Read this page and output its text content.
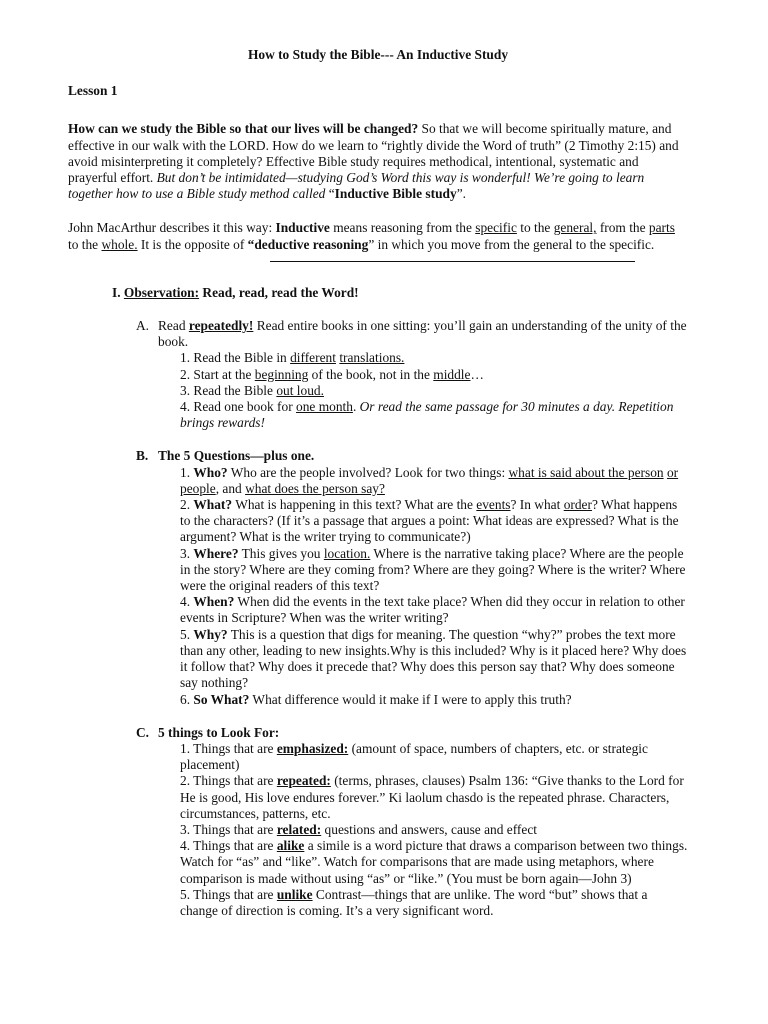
How to Study the Bible--- An Inductive Study

Lesson 1

How can we study the Bible so that our lives will be changed? So that we will become spiritually mature, and effective in our walk with the LORD. How do we learn to “rightly divide the Word of truth” (2 Timothy 2:15) and avoid misinterpreting it completely? Effective Bible study requires methodical, intentional, systematic and prayerful effort. But don’t be intimidated—studying God’s Word this way is wonderful! We’re going to learn together how to use a Bible study method called “Inductive Bible study”.

John MacArthur describes it this way: Inductive means reasoning from the specific to the general, from the parts to the whole. It is the opposite of “deductive reasoning” in which you move from the general to the specific.

I. Observation: Read, read, read the Word!

A. Read repeatedly! Read entire books in one sitting: you’ll gain an understanding of the unity of the book.

1. Read the Bible in different translations.

2. Start at the beginning of the book, not in the middle…

3. Read the Bible out loud.

4. Read one book for one month. Or read the same passage for 30 minutes a day. Repetition brings rewards!

B. The 5 Questions—plus one.

1. Who? Who are the people involved? Look for two things: what is said about the person or people, and what does the person say?

2. What? What is happening in this text? What are the events? In what order? What happens to the characters? (If it’s a passage that argues a point: What ideas are expressed? What is the argument? What is the writer trying to communicate?)

3. Where? This gives you location. Where is the narrative taking place? Where are the people in the story? Where are they coming from? Where are they going? Where is the writer? Where were the original readers of this text?

4. When? When did the events in the text take place? When did they occur in relation to other events in Scripture? When was the writer writing?

5. Why? This is a question that digs for meaning. The question “why?” probes the text more than any other, leading to new insights.Why is this included? Why is it placed here? Why does it follow that? Why does it precede that? Why does this person say that? Why does someone say nothing?

6. So What? What difference would it make if I were to apply this truth?

C. 5 things to Look For:

1. Things that are emphasized: (amount of space, numbers of chapters, etc. or strategic placement)
2. Things that are repeated: (terms, phrases, clauses) Psalm 136: “Give thanks to the Lord for He is good, His love endures forever.” Ki laolum chasdo is the repeated phrase. Characters, circumstances, patterns, etc.
3. Things that are related: questions and answers, cause and effect
4. Things that are alike a simile is a word picture that draws a comparison between two things. Watch for “as” and “like”. Watch for comparisons that are made using metaphors, where comparison is made without using “as” or “like.” (You must be born again—John 3)
5. Things that are unlike Contrast—things that are unlike. The word “but” shows that a change of direction is coming. It’s a very significant word.
